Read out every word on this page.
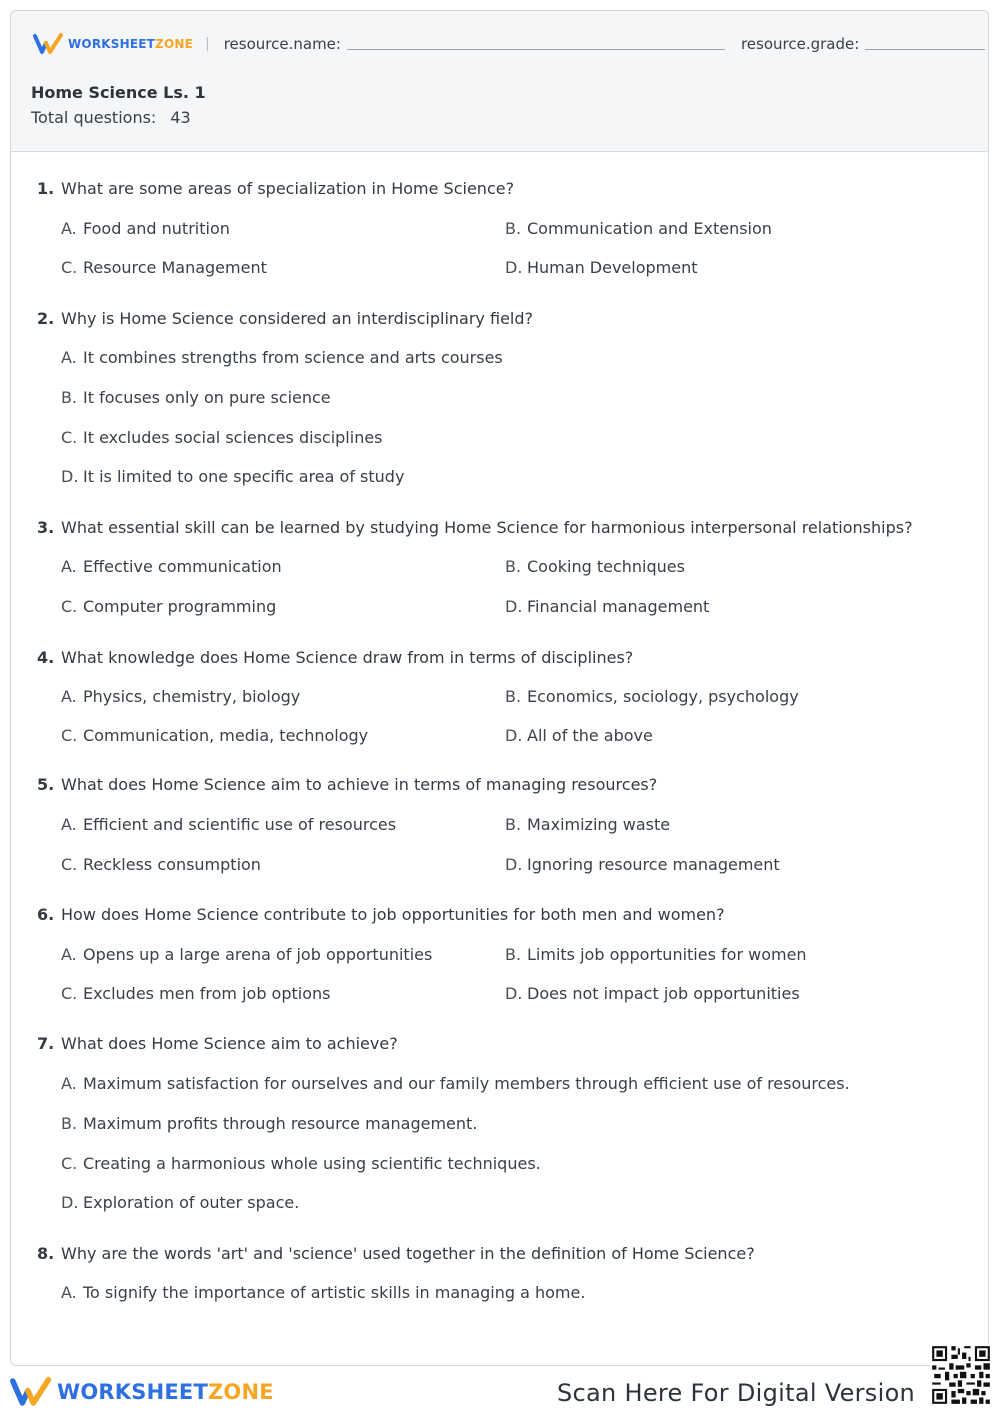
WORKSHEETZONE | resource.name:	resource.grade:
Home Science Ls. 1
Total questions: 43
1. What are some areas of specialization in Home Science?
A. Food and nutrition	B. Communication and Extension
C. Resource Management	D. Human Development
2. Why is Home Science considered an interdisciplinary field?
A. It combines strengths from science and arts courses
B. It focuses only on pure science
C. It excludes social sciences disciplines
D. It is limited to one specific area of study
3. What essential skill can be learned by studying Home Science for harmonious interpersonal relationships?
A. Effective communication	B. Cooking techniques
C. Computer programming	D. Financial management
4. What knowledge does Home Science draw from in terms of disciplines?
A. Physics, chemistry, biology	B. Economics, sociology, psychology
C. Communication, media, technology	D. All of the above
5. What does Home Science aim to achieve in terms of managing resources?
A. Efficient and scientific use of resources	B. Maximizing waste
C. Reckless consumption	D. Ignoring resource management
6. How does Home Science contribute to job opportunities for both men and women?
A. Opens up a large arena of job opportunities	B. Limits job opportunities for women
C. Excludes men from job options	D. Does not impact job opportunities
7. What does Home Science aim to achieve?
A. Maximum satisfaction for ourselves and our family members through efficient use of resources.
B. Maximum profits through resource management.
C. Creating a harmonious whole using scientific techniques.
D. Exploration of outer space.
8. Why are the words 'art' and 'science' used together in the definition of Home Science?
A. To signify the importance of artistic skills in managing a home.
WORKSHEETZONE	Scan Here For Digital Version
